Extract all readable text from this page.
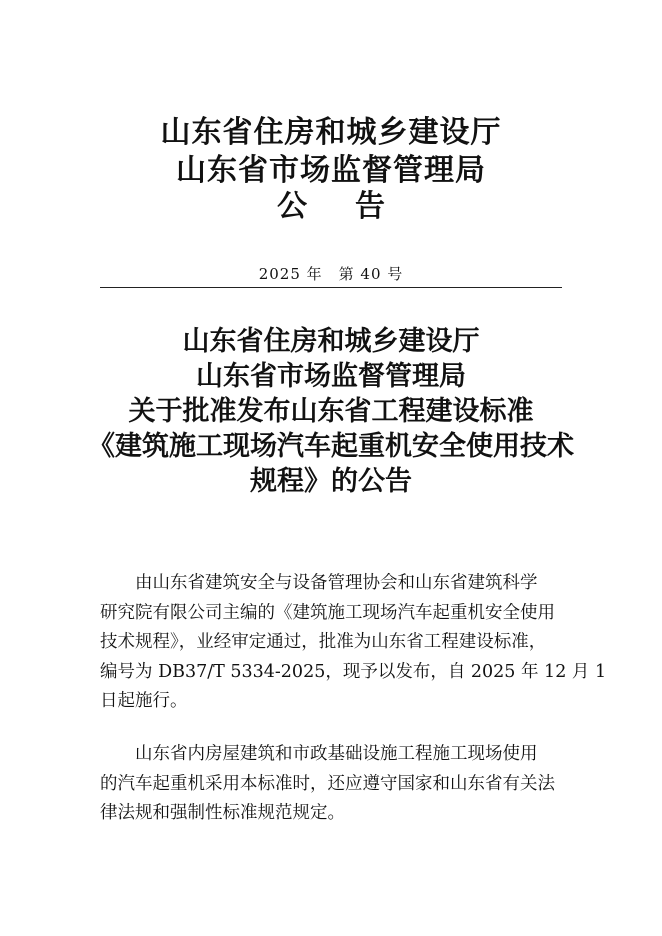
山东省住房和城乡建设厅
山东省市场监督管理局
公 告
2025 年　第 40 号
山东省住房和城乡建设厅
山东省市场监督管理局
关于批准发布山东省工程建设标准
《建筑施工现场汽车起重机安全使用技术
规程》的公告
由山东省建筑安全与设备管理协会和山东省建筑科学
研究院有限公司主编的《建筑施工现场汽车起重机安全使用
技术规程》，业经审定通过，批准为山东省工程建设标准，
编号为 DB37/T 5334-2025，现予以发布，自 2025 年 12 月 1
日起施行。
山东省内房屋建筑和市政基础设施工程施工现场使用
的汽车起重机采用本标准时，还应遵守国家和山东省有关法
律法规和强制性标准规范规定。
